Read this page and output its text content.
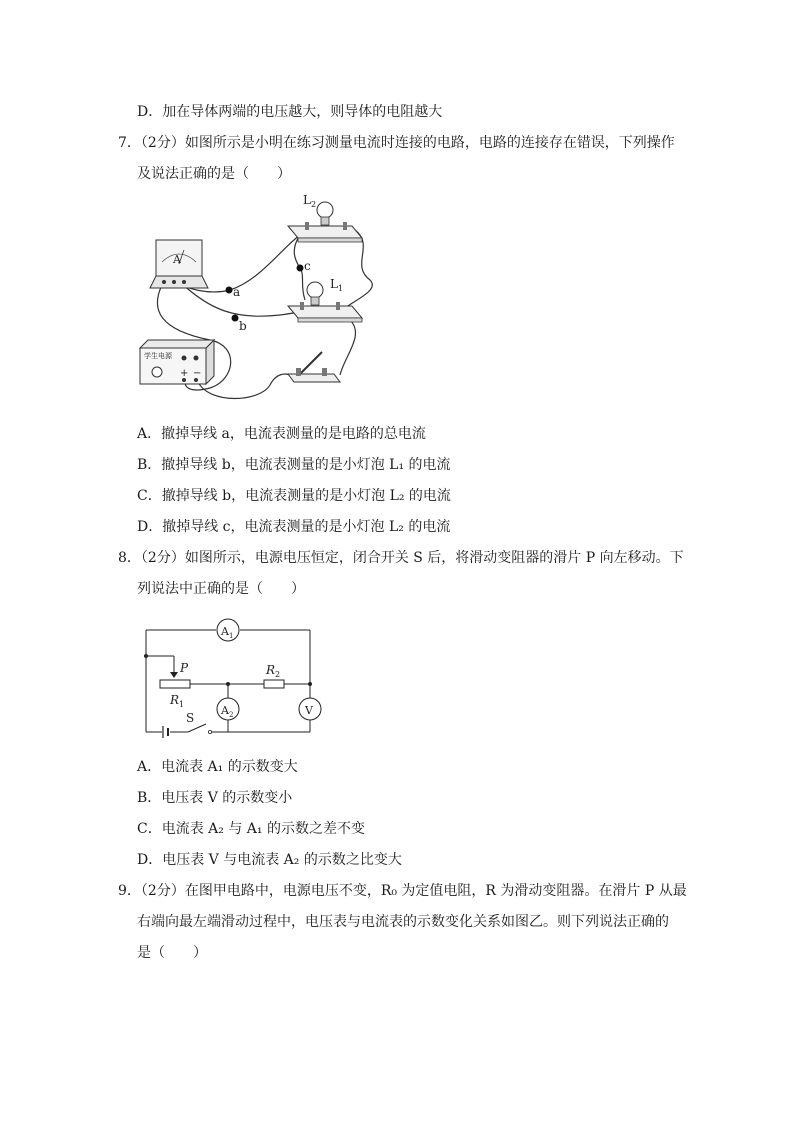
D．加在导体两端的电压越大，则导体的电阻越大
7．（2分）如图所示是小明在练习测量电流时连接的电路，电路的连接存在错误，下列操作
及说法正确的是（　　）
A
$L_2$
$L_1$
a
b
c
学生电源
+ −
A．撤掉导线 a，电流表测量的是电路的总电流
B．撤掉导线 b，电流表测量的是小灯泡 L₁ 的电流
C．撤掉导线 b，电流表测量的是小灯泡 L₂ 的电流
D．撤掉导线 c，电流表测量的是小灯泡 L₂ 的电流
8．（2分）如图所示，电源电压恒定，闭合开关 S 后，将滑动变阻器的滑片 P 向左移动。下
列说法中正确的是（　　）
$A_1$
$A_2$	V
P
$R_1$
$R_2$
S
A．电流表 A₁ 的示数变大
B．电压表 V 的示数变小
C．电流表 A₂ 与 A₁ 的示数之差不变
D．电压表 V 与电流表 A₂ 的示数之比变大
9．（2分）在图甲电路中，电源电压不变，R₀ 为定值电阻，R 为滑动变阻器。在滑片 P 从最
右端向最左端滑动过程中，电压表与电流表的示数变化关系如图乙。则下列说法正确的
是（　　）
